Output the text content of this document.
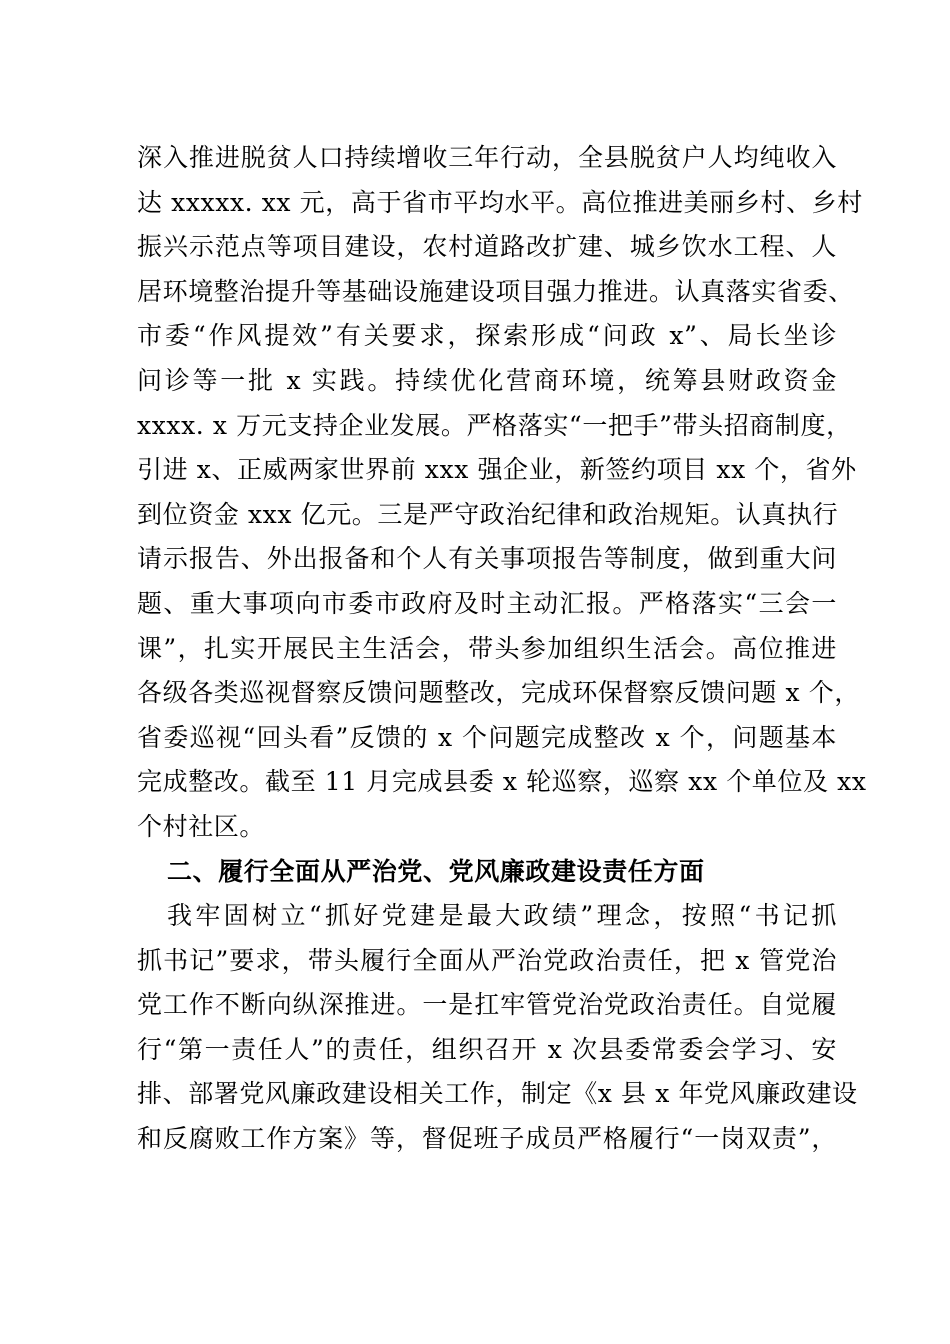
深入推进脱贫人口持续增收三年行动，全县脱贫户人均纯收入
达 xxxxx. xx 元，高于省市平均水平。高位推进美丽乡村、乡村
振兴示范点等项目建设，农村道路改扩建、城乡饮水工程、人
居环境整治提升等基础设施建设项目强力推进。认真落实省委、
市委“作风提效”有关要求，探索形成“问政 x”、局长坐诊
问诊等一批 x 实践。持续优化营商环境，统筹县财政资金
xxxx. x 万元支持企业发展。严格落实“一把手”带头招商制度，
引进 x、正威两家世界前 xxx 强企业，新签约项目 xx 个，省外
到位资金 xxx 亿元。三是严守政治纪律和政治规矩。认真执行
请示报告、外出报备和个人有关事项报告等制度，做到重大问
题、重大事项向市委市政府及时主动汇报。严格落实“三会一
课”，扎实开展民主生活会，带头参加组织生活会。高位推进
各级各类巡视督察反馈问题整改，完成环保督察反馈问题 x 个，
省委巡视“回头看”反馈的 x 个问题完成整改 x 个，问题基本
完成整改。截至 11 月完成县委 x 轮巡察，巡察 xx 个单位及 xx
个村社区。
二、履行全面从严治党、党风廉政建设责任方面
我牢固树立“抓好党建是最大政绩”理念，按照“书记抓
抓书记”要求，带头履行全面从严治党政治责任，把 x 管党治
党工作不断向纵深推进。一是扛牢管党治党政治责任。自觉履
行“第一责任人”的责任，组织召开 x 次县委常委会学习、安
排、部署党风廉政建设相关工作，制定《x 县 x 年党风廉政建设
和反腐败工作方案》等，督促班子成员严格履行“一岗双责”，
